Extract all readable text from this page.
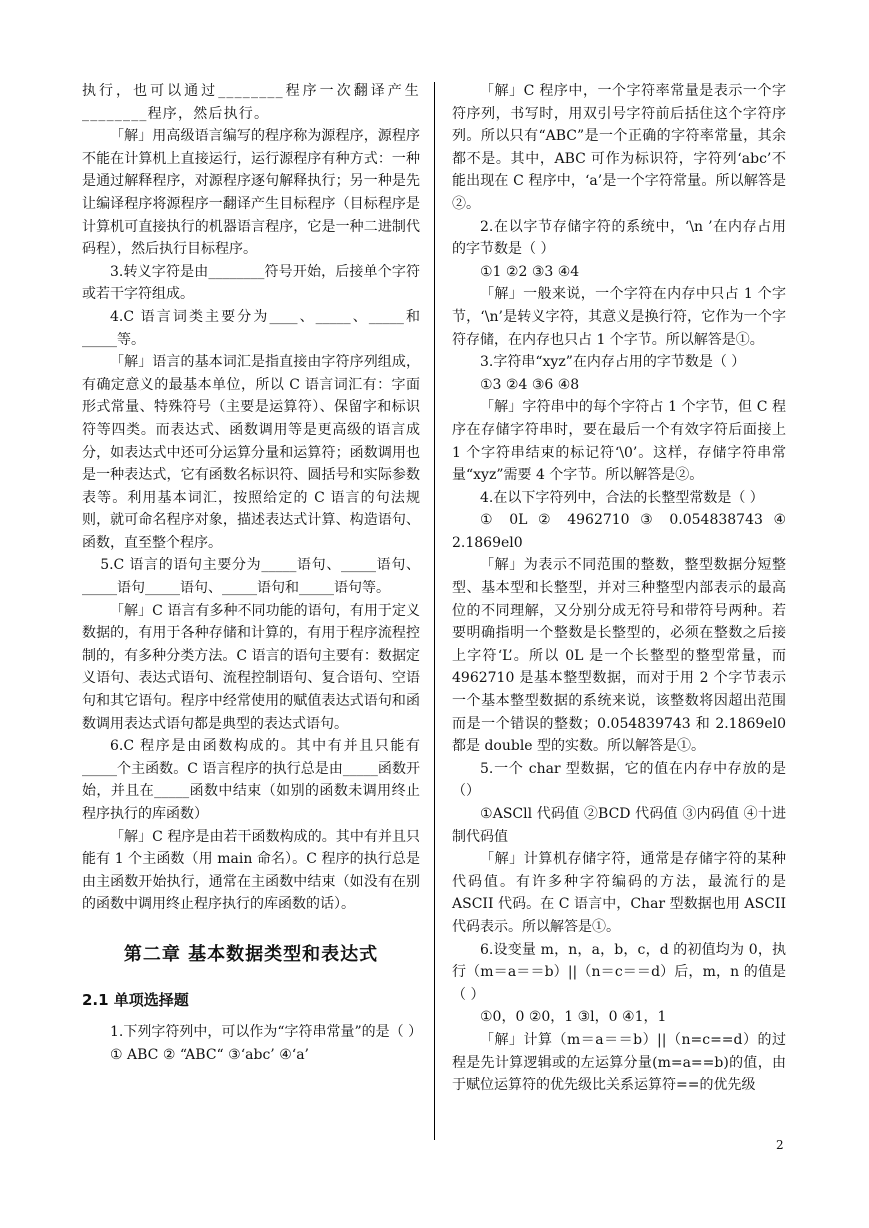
执行，也可以通过________程序一次翻译产生________程序，然后执行。

「解」用高级语言编写的程序称为源程序，源程序不能在计算机上直接运行，运行源程序有种方式：一种是通过解释程序，对源程序逐句解释执行；另一种是先让编译程序将源程序一翻译产生目标程序（目标程序是计算机可直接执行的机器语言程序，它是一种二进制代码程），然后执行目标程序。

3.转义字符是由________符号开始，后接单个字符或若干字符组成。

4.C 语言词类主要分为____、_____、_____和_____等。

「解」语言的基本词汇是指直接由字符序列组成，有确定意义的最基本单位，所以 C 语言词汇有：字面形式常量、特殊符号（主要是运算符）、保留字和标识符等四类。而表达式、函数调用等是更高级的语言成分，如表达式中还可分运算分量和运算符；函数调用也是一种表达式，它有函数名标识符、圆括号和实际参数表等。利用基本词汇，按照给定的 C 语言的句法规则，就可命名程序对象，描述表达式计算、构造语句、函数，直至整个程序。

5.C 语言的语句主要分为_____语句、_____语句、_____语句_____语句、_____语句和_____语句等。

「解」C 语言有多种不同功能的语句，有用于定义数据的，有用于各种存储和计算的，有用于程序流程控制的，有多种分类方法。C 语言的语句主要有：数据定义语句、表达式语句、流程控制语句、复合语句、空语句和其它语句。程序中经常使用的赋值表达式语句和函数调用表达式语句都是典型的表达式语句。

6.C 程序是由函数构成的。其中有并且只能有_____个主函数。C 语言程序的执行总是由_____函数开始，并且在_____函数中结束（如别的函数未调用终止程序执行的库函数）

「解」C 程序是由若干函数构成的。其中有并且只能有 1 个主函数（用 main 命名）。C 程序的执行总是由主函数开始执行，通常在主函数中结束（如没有在别的函数中调用终止程序执行的库函数的话）。

第二章 基本数据类型和表达式
2.1 单项选择题

1.下列字符列中，可以作为“字符串常量”的是（ ）

① ABC ② “ABC“ ③‘abc’ ④‘a’

「解」C 程序中，一个字符率常量是表示一个字符序列，书写时，用双引号字符前后括住这个字符序列。所以只有“ABC”是一个正确的字符率常量，其余都不是。其中，ABC 可作为标识符，字符列‘abc’不能出现在 C 程序中，‘a’是一个字符常量。所以解答是②。

2.在以字节存储字符的系统中，‘\n ’在内存占用的字节数是（ ）

①1 ②2 ③3 ④4

「解」一般来说，一个字符在内存中只占 1 个字节，‘\n’是转义字符，其意义是换行符，它作为一个字符存储，在内存也只占 1 个字节。所以解答是①。

3.字符串“xyz”在内存占用的字节数是（ ）

①3 ②4 ③6 ④8

「解」字符串中的每个字符占 1 个字节，但 C 程序在存储字符串时，要在最后一个有效字符后面接上 1 个字符串结束的标记符‘\0’。这样，存储字符串常量“xyz”需要 4 个字节。所以解答是②。

4.在以下字符列中，合法的长整型常数是（ ）

① 0L ② 4962710 ③ 0.054838743 ④ 2.1869el0

「解」为表示不同范围的整数，整型数据分短整型、基本型和长整型，并对三种整型内部表示的最高位的不同理解，又分别分成无符号和带符号两种。若要明确指明一个整数是长整型的，必须在整数之后接上字符‘L’。所以 0L 是一个长整型的整型常量，而 4962710 是基本整型数据，而对于用 2 个字节表示一个基本整型数据的系统来说，该整数将因超出范围而是一个错误的整数；0.054839743 和 2.1869el0 都是 double 型的实数。所以解答是①。

5.一个 char 型数据，它的值在内存中存放的是（）

①ASCll 代码值 ②BCD 代码值 ③内码值 ④十进制代码值

「解」计算机存储字符，通常是存储字符的某种代码值。有许多种字符编码的方法，最流行的是 ASCII 代码。在 C 语言中，Char 型数据也用 ASCII 代码表示。所以解答是①。

6.设变量 m，n，a，b，c，d 的初值均为 0，执行（m＝a＝＝b）||（n＝c＝＝d）后，m，n 的值是（ ）

①0，0 ②0，1 ③l，0 ④1，1

「解」计算（m＝a＝＝b）||（n=c==d）的过程是先计算逻辑或的左运算分量(m=a==b)的值，由于赋位运算符的优先级比关系运算符==的优先级

2
